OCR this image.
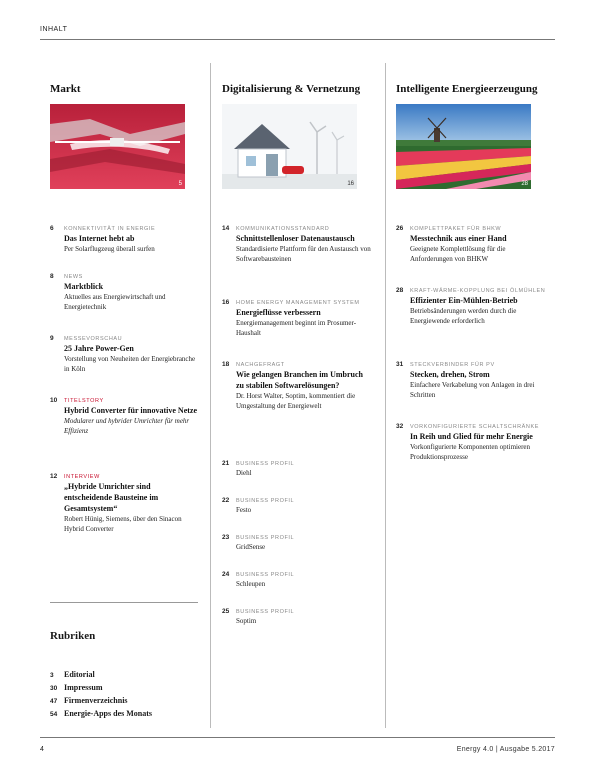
INHALT
Markt
5
Digitalisierung & Vernetzung
16
Intelligente Energieerzeugung
28
6 KONNEKTIVITÄT IN ENERGIE
Das Internet hebt ab
Per Solarflugzeug überall surfen
8 NEWS
Marktblick
Aktuelles aus Energiewirtschaft und Energietechnik
9 MESSEVORSCHAU
25 Jahre Power-Gen
Vorstellung von Neuheiten der Energiebranche in Köln
10 TITELSTORY
Hybrid Converter für innovative Netze
Modularer und hybrider Umrichter für mehr Effizienz
12 INTERVIEW
„Hybride Umrichter sind entscheidende Bausteine im Gesamtsystem“
Robert Hünig, Siemens, über den Sinacon Hybrid Converter
14 KOMMUNIKATIONSSTANDARD
Schnittstellenloser Datenaustausch
Standardisierte Plattform für den Austausch von Softwarebausteinen
16 HOME ENERGY MANAGEMENT SYSTEM
Energieflüsse verbessern
Energiemanagement beginnt im Prosumer-Haushalt
18 NACHGEFRAGT
Wie gelangen Branchen im Umbruch zu stabilen Softwarelösungen?
Dr. Horst Walter, Soptim, kommentiert die Umgestaltung der Energiewelt
21 BUSINESS PROFIL
Diehl
22 BUSINESS PROFIL
Festo
23 BUSINESS PROFIL
GridSense
24 BUSINESS PROFIL
Schleupen
25 BUSINESS PROFIL
Soptim
26 KOMPLETTPAKET FÜR BHKW
Messtechnik aus einer Hand
Geeignete Komplettlösung für die Anforderungen von BHKW
28 KRAFT-WÄRME-KOPPLUNG BEI ÖLMÜHLEN
Effizienter Ein-Mühlen-Betrieb
Betriebsänderungen werden durch die Energiewende erforderlich
31 STECKVERBINDER FÜR PV
Stecken, drehen, Strom
Einfachere Verkabelung von Anlagen in drei Schritten
32 VORKONFIGURIERTE SCHALTSCHRÄNKE
In Reih und Glied für mehr Energie
Vorkonfigurierte Komponenten optimieren Produktionsprozesse
Rubriken
3 Editorial
30 Impressum
47 Firmenverzeichnis
54 Energie-Apps des Monats
4	Energy 4.0 | Ausgabe 5.2017
